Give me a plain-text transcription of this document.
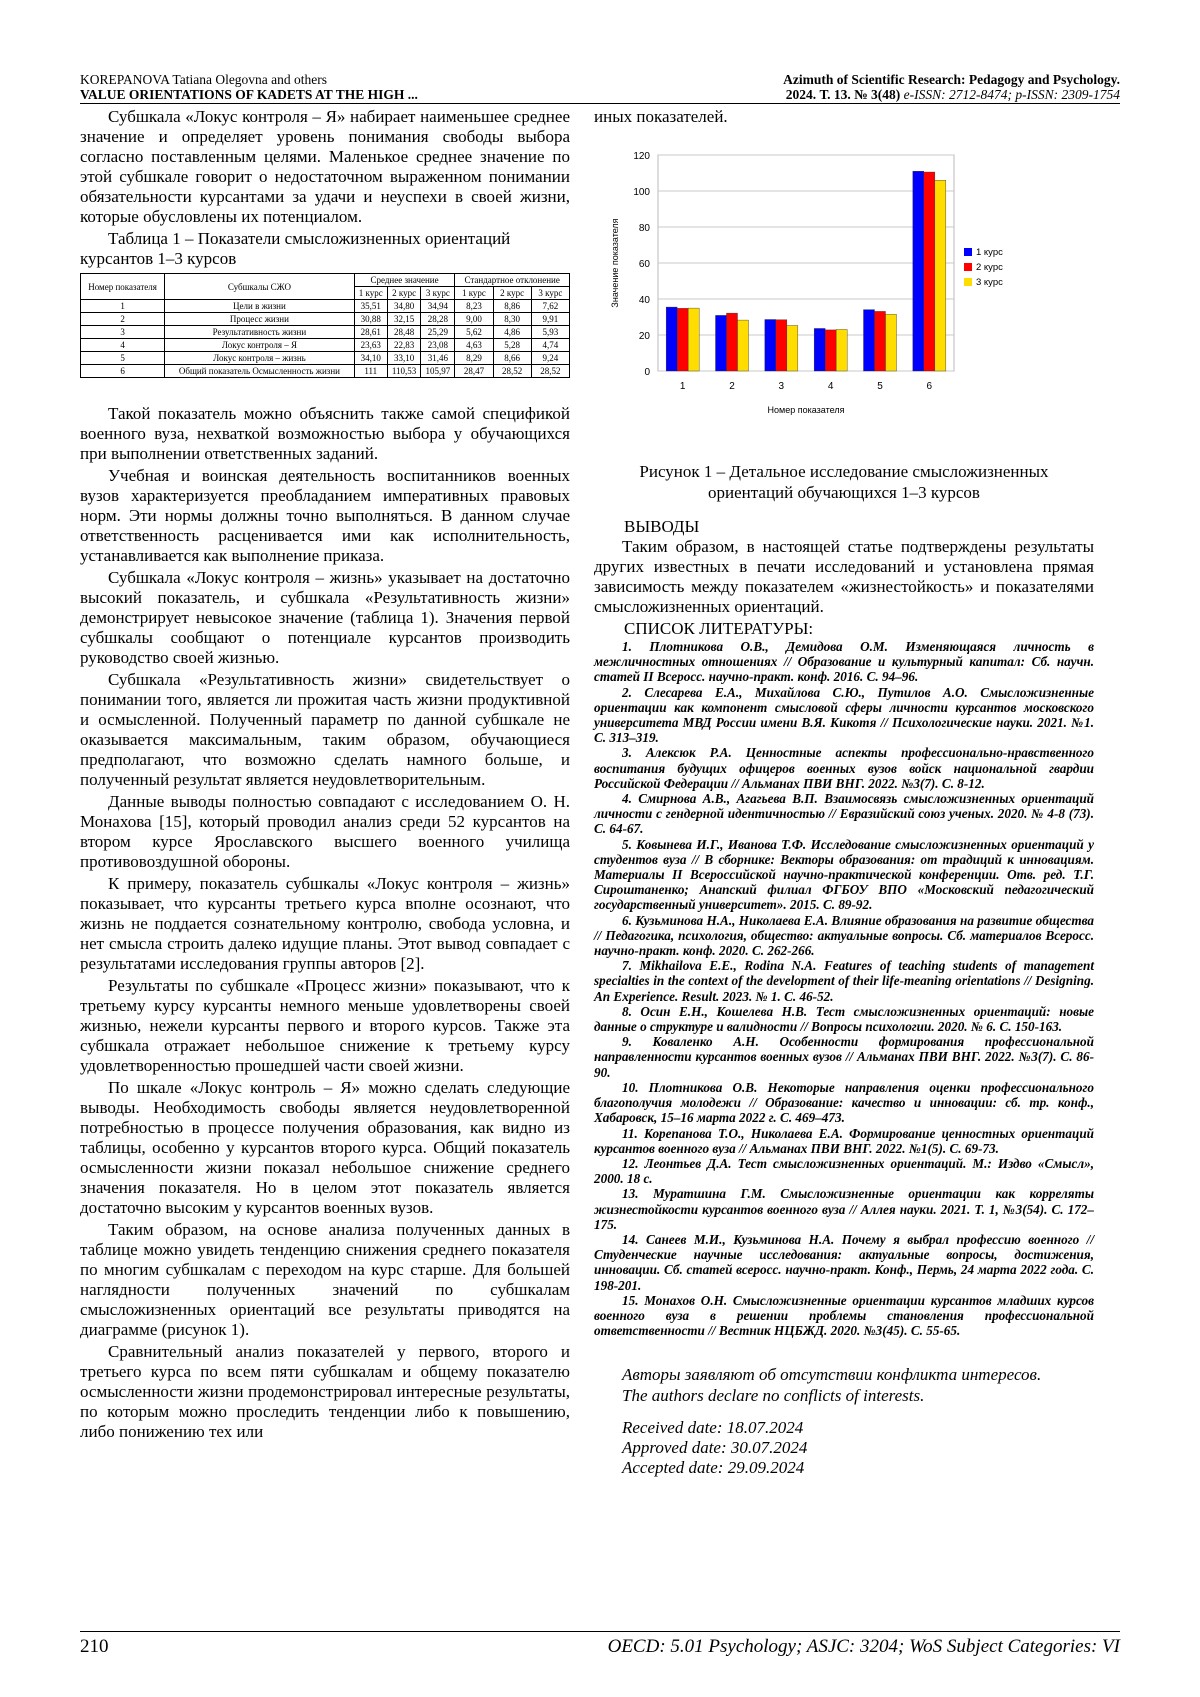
KOREPANOVA Tatiana Olegovna and others
VALUE ORIENTATIONS OF KADETS AT THE HIGH ...
Azimuth of Scientific Research: Pedagogy and Psychology.
2024. Т. 13. № 3(48) e-ISSN: 2712-8474; p-ISSN: 2309-1754

Субшкала «Локус контроля – Я» набирает наименьшее среднее значение и определяет уровень понимания свободы выбора согласно поставленным целями. Маленькое среднее значение по этой субшкале говорит о недостаточном выраженном понимании обязательности курсантами за удачи и неуспехи в своей жизни, которые обусловлены их потенциалом.

Таблица 1 – Показатели смысложизненных ориентаций курсантов 1–3 курсов

Номер показателя	Субшкалы СЖО	Среднее значение			Стандартное отклонение		
		1 курс	2 курс	3 курс	1 курс	2 курс	3 курс
1	Цели в жизни	35,51	34,80	34,94	8,23	8,86	7,62
2	Процесс жизни	30,88	32,15	28,28	9,00	8,30	9,91
3	Результативность жизни	28,61	28,48	25,29	5,62	4,86	5,93
4	Локус контроля – Я	23,63	22,83	23,08	4,63	5,28	4,74
5	Локус контроля – жизнь	34,10	33,10	31,46	8,29	8,66	9,24
6	Общий показатель Осмысленность жизни	111	110,53	105,97	28,47	28,52	28,52

Такой показатель можно объяснить также самой спецификой военного вуза, нехваткой возможностью выбора у обучающихся при выполнении ответственных заданий.

Учебная и воинская деятельность воспитанников военных вузов характеризуется преобладанием императивных правовых норм. Эти нормы должны точно выполняться. В данном случае ответственность расценивается ими как исполнительность, устанавливается как выполнение приказа.

Субшкала «Локус контроля – жизнь» указывает на достаточно высокий показатель, и субшкала «Результативность жизни» демонстрирует невысокое значение (таблица 1). Значения первой субшкалы сообщают о потенциале курсантов производить руководство своей жизнью.

Субшкала «Результативность жизни» свидетельствует о понимании того, является ли прожитая часть жизни продуктивной и осмысленной. Полученный параметр по данной субшкале не оказывается максимальным, таким образом, обучающиеся предполагают, что возможно сделать намного больше, и полученный результат является неудовлетворительным.

Данные выводы полностью совпадают с исследованием О. Н. Монахова [15], который проводил анализ среди 52 курсантов на втором курсе Ярославского высшего военного училища противовоздушной обороны.

К примеру, показатель субшкалы «Локус контроля – жизнь» показывает, что курсанты третьего курса вполне осознают, что жизнь не поддается сознательному контролю, свобода условна, и нет смысла строить далеко идущие планы. Этот вывод совпадает с результатами исследования группы авторов [2].

Результаты по субшкале «Процесс жизни» показывают, что к третьему курсу курсанты немного меньше удовлетворены своей жизнью, нежели курсанты первого и второго курсов. Также эта субшкала отражает небольшое снижение к третьему курсу удовлетворенностью прошедшей части своей жизни.

По шкале «Локус контроль – Я» можно сделать следующие выводы. Необходимость свободы является неудовлетворенной потребностью в процессе получения образования, как видно из таблицы, особенно у курсантов второго курса. Общий показатель осмысленности жизни показал небольшое снижение среднего значения показателя. Но в целом этот показатель является достаточно высоким у курсантов военных вузов.

Таким образом, на основе анализа полученных данных в таблице можно увидеть тенденцию снижения среднего показателя по многим субшкалам с переходом на курс старше. Для большей наглядности полученных значений по субшкалам смысложизненных ориентаций все результаты приводятся на диаграмме (рисунок 1).

Сравнительный анализ показателей у первого, второго и третьего курса по всем пяти субшкалам и общему показателю осмысленности жизни продемонстрировал интересные результаты, по которым можно проследить тенденции либо к повышению, либо понижению тех или

иных показателей.

0
20
40
60
80
100
120
1	2	3	4	5	6
Номер показателя
Значение показателя	1 курс
2 курс
3 курс

Рисунок 1 – Детальное исследование смысложизненных ориентаций обучающихся 1–3 курсов

ВЫВОДЫ

Таким образом, в настоящей статье подтверждены результаты других известных в печати исследований и установлена прямая зависимость между показателем «жизнестойкость» и показателями смысложизненных ориентаций.

СПИСОК ЛИТЕРАТУРЫ:

1. Плотникова О.В., Демидова О.М. Изменяющаяся личность в межличностных отношениях // Образование и культурный капитал: Сб. научн. статей II Всеросс. научно-практ. конф. 2016. С. 94–96.

2. Слесарева Е.А., Михайлова С.Ю., Путилов А.О. Смысложизненные ориентации как компонент смысловой сферы личности курсантов московского университета МВД России имени В.Я. Кикотя // Психологические науки. 2021. №1. С. 313–319.

3. Алексюк Р.А. Ценностные аспекты профессионально-нравственного воспитания будущих офицеров военных вузов войск национальной гвардии Российской Федерации // Альманах ПВИ ВНГ. 2022. №3(7). С. 8-12.

4. Смирнова А.В., Агагьева В.П. Взаимосвязь смысложизненных ориентаций личности с гендерной идентичностью // Евразийский союз ученых. 2020. № 4-8 (73). С. 64-67.

5. Ковынева И.Г., Иванова Т.Ф. Исследование смысложизненных ориентаций у студентов вуза // В сборнике: Векторы образования: от традиций к инновациям. Материалы II Всероссийской научно-практической конференции. Отв. ред. Т.Г. Сироштаненко; Анапский филиал ФГБОУ ВПО «Московский педагогический государственный университет». 2015. С. 89-92.

6. Кузьминова Н.А., Николаева Е.А. Влияние образования на развитие общества // Педагогика, психология, общество: актуальные вопросы. Сб. материалов Всеросс. научно-практ. конф. 2020. С. 262-266.

7. Mikhailova E.E., Rodina N.A. Features of teaching students of management specialties in the context of the development of their life-meaning orientations // Designing. An Experience. Result. 2023. № 1. С. 46-52.

8. Осин Е.Н., Кошелева Н.В. Тест смысложизненных ориентаций: новые данные о структуре и валидности // Вопросы психологии. 2020. № 6. С. 150-163.

9. Коваленко А.Н. Особенности формирования профессиональной направленности курсантов военных вузов // Альманах ПВИ ВНГ. 2022. №3(7). С. 86-90.

10. Плотникова О.В. Некоторые направления оценки профессионального благополучия молодежи // Образование: качество и инновации: сб. тр. конф., Хабаровск, 15–16 марта 2022 г. С. 469–473.

11. Корепанова Т.О., Николаева Е.А. Формирование ценностных ориентаций курсантов военного вуза // Альманах ПВИ ВНГ. 2022. №1(5). С. 69-73.

12. Леонтьев Д.А. Тест смысложизненных ориентаций. М.: Издво «Смысл», 2000. 18 с.

13. Муратшина Г.М. Смысложизненные ориентации как корреляты жизнестойкости курсантов военного вуза // Аллея науки. 2021. Т. 1, №3(54). С. 172–175.

14. Санеев М.И., Кузьминова Н.А. Почему я выбрал профессию военного // Студенческие научные исследования: актуальные вопросы, достижения, инновации. Сб. статей всеросс. научно-практ. Конф., Пермь, 24 марта 2022 года. С. 198-201.

15. Монахов О.Н. Смысложизненные ориентации курсантов младших курсов военного вуза в решении проблемы становления профессиональной ответственности // Вестник НЦБЖД. 2020. №3(45). С. 55-65.

Авторы заявляют об отсутствии конфликта интересов.

The authors declare no conflicts of interests.

Received date: 18.07.2024
Approved date: 30.07.2024
Accepted date: 29.09.2024
210	OECD: 5.01 Psychology; ASJC: 3204; WoS Subject Categories: VI
